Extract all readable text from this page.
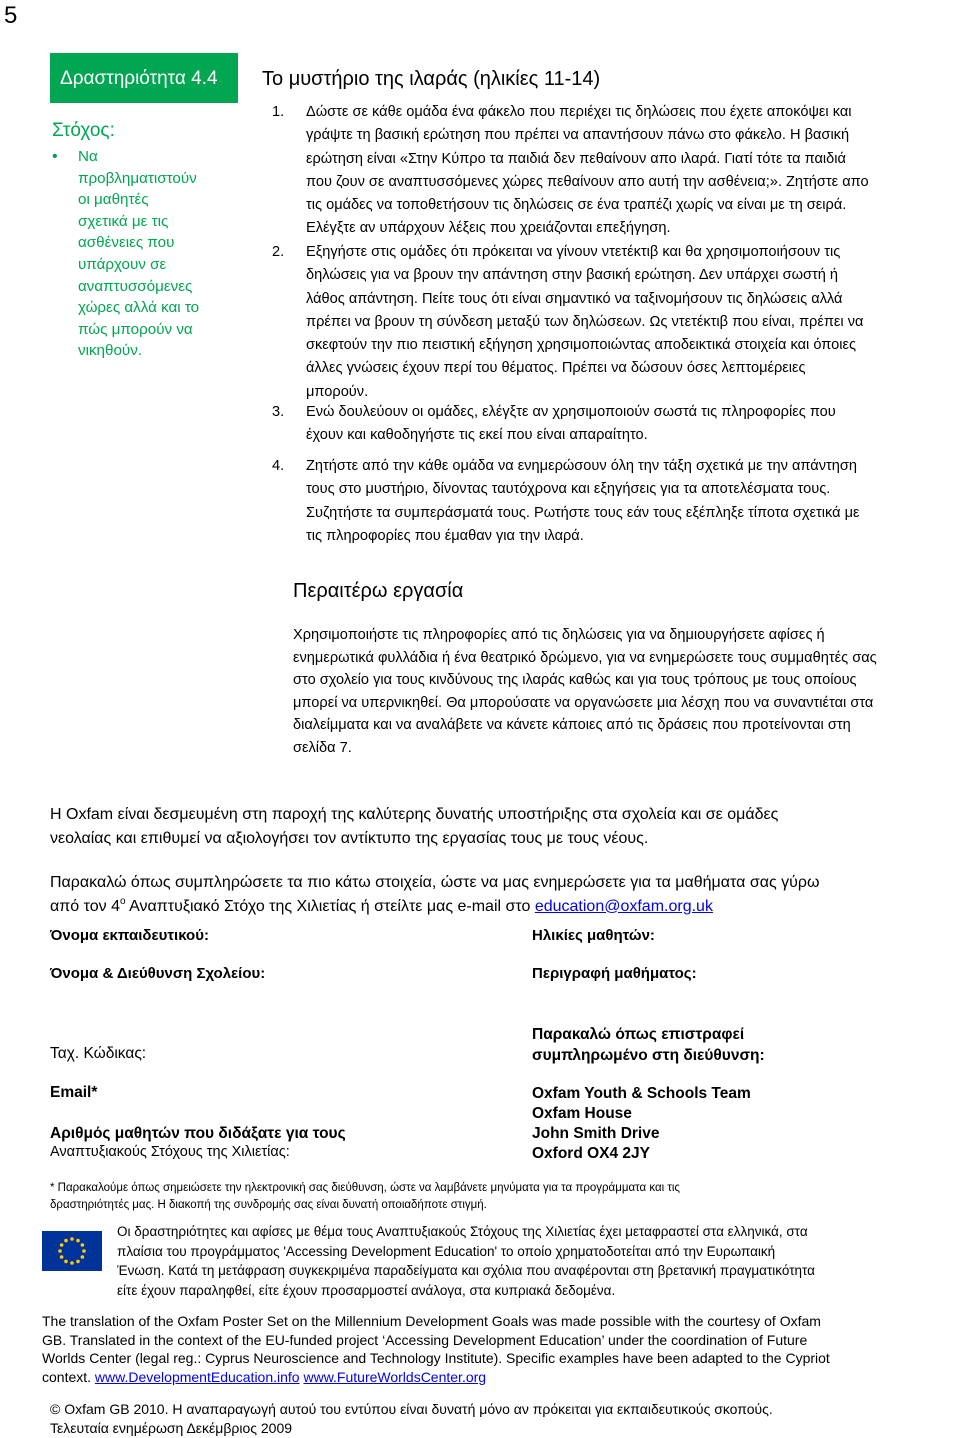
5
Δραστηριότητα 4.4
Στόχος:
• Να
προβληματιστούν
οι μαθητές
σχετικά με τις
ασθένειες που
υπάρχουν σε
αναπτυσσόμενες
χώρες αλλά και το
πώς μπορούν να
νικηθούν.
Το μυστήριο της ιλαράς (ηλικίες 11-14)
1.	Δώστε σε κάθε ομάδα ένα φάκελο που περιέχει τις δηλώσεις που έχετε αποκόψει και
γράψτε τη βασική ερώτηση που πρέπει να απαντήσουν πάνω στο φάκελο. Η βασική
ερώτηση είναι «Στην Κύπρο τα παιδιά δεν πεθαίνουν απο ιλαρά. Γιατί τότε τα παιδιά
που ζουν σε αναπτυσσόμενες χώρες πεθαίνουν απο αυτή την ασθένεια;». Ζητήστε απο
τις ομάδες να τοποθετήσουν τις δηλώσεις σε ένα τραπέζι χωρίς να είναι με τη σειρά.
Ελέγξτε αν υπάρχουν λέξεις που χρειάζονται επεξήγηση.
2.	Εξηγήστε στις ομάδες ότι πρόκειται να γίνουν ντετέκτιβ και θα χρησιμοποιήσουν τις
δηλώσεις για να βρουν την απάντηση στην βασική ερώτηση. Δεν υπάρχει σωστή ή
λάθος απάντηση. Πείτε τους ότι είναι σημαντικό να ταξινομήσουν τις δηλώσεις αλλά
πρέπει να βρουν τη σύνδεση μεταξύ των δηλώσεων. Ως ντετέκτιβ που είναι, πρέπει να
σκεφτούν την πιο πειστική εξήγηση χρησιμοποιώντας αποδεικτικά στοιχεία και όποιες
άλλες γνώσεις έχουν περί του θέματος. Πρέπει να δώσουν όσες λεπτομέρειες
μπορούν.
3.	Ενώ δουλεύουν οι ομάδες, ελέγξτε αν χρησιμοποιούν σωστά τις πληροφορίες που
έχουν και καθοδηγήστε τις εκεί που είναι απαραίτητο.
4.	Ζητήστε από την κάθε ομάδα να ενημερώσουν όλη την τάξη σχετικά με την απάντηση
τους στο μυστήριο, δίνοντας ταυτόχρονα και εξηγήσεις για τα αποτελέσματα τους.
Συζητήστε τα συμπεράσματά τους. Ρωτήστε τους εάν τους εξέπληξε τίποτα σχετικά με
τις πληροφορίες που έμαθαν για την ιλαρά.
Περαιτέρω εργασία
Χρησιμοποιήστε τις πληροφορίες από τις δηλώσεις για να δημιουργήσετε αφίσες ή
ενημερωτικά φυλλάδια ή ένα θεατρικό δρώμενο, για να ενημερώσετε τους συμμαθητές σας
στο σχολείο για τους κινδύνους της ιλαράς καθώς και για τους τρόπους με τους οποίους
μπορεί να υπερνικηθεί. Θα μπορούσατε να οργανώσετε μια λέσχη που να συναντιέται στα
διαλείμματα και να αναλάβετε να κάνετε κάποιες από τις δράσεις που προτείνονται στη
σελίδα 7.
Η Oxfam είναι δεσμευμένη στη παροχή της καλύτερης δυνατής υποστήριξης στα σχολεία και σε ομάδες
νεολαίας και επιθυμεί να αξιολογήσει τον αντίκτυπο της εργασίας τους με τους νέους.
Παρακαλώ όπως συμπληρώσετε τα πιο κάτω στοιχεία, ώστε να μας ενημερώσετε για τα μαθήματα σας γύρω
από τον $4^o$ Αναπτυξιακό Στόχο της Χιλιετίας ή στείλτε μας e-mail στο education@oxfam.org.uk
Όνομα εκπαιδευτικού:	Ηλικίες μαθητών:
Όνομα & Διεύθυνση Σχολείου:	Περιγραφή μαθήματος:
Ταχ. Κώδικας:
Παρακαλώ όπως επιστραφεί
συμπληρωμένο στη διεύθυνση:
Email*	Oxfam Youth & Schools Team
Oxfam House
John Smith Drive
Oxford OX4 2JY
Αριθμός μαθητών που διδάξατε για τους
Αναπτυξιακούς Στόχους της Χιλιετίας:
* Παρακαλούμε όπως σημειώσετε την ηλεκτρονική σας διεύθυνση, ώστε να λαμβάνετε μηνύματα για τα προγράμματα και τις
δραστηριότητές μας. Η διακοπή της συνδρομής σας είναι δυνατή οποιαδήποτε στιγμή.
Οι δραστηριότητες και αφίσες με θέμα τους Αναπτυξιακούς Στόχους της Χιλιετίας έχει μεταφραστεί στα ελληνικά, στα
πλαίσια του προγράμματος 'Accessing Development Education' το οποίο χρηματοδοτείται από την Ευρωπαική
Ένωση. Κατά τη μετάφραση συγκεκριμένα παραδείγματα και σχόλια που αναφέρονται στη βρετανική πραγματικότητα
είτε έχουν παραληφθεί, είτε έχουν προσαρμοστεί ανάλογα, στα κυπριακά δεδομένα.
The translation of the Oxfam Poster Set on the Millennium Development Goals was made possible with the courtesy of Oxfam
GB. Translated in the context of the EU-funded project ‘Accessing Development Education’ under the coordination of Future
Worlds Center (legal reg.: Cyprus Neuroscience and Technology Institute). Specific examples have been adapted to the Cypriot
context. www.DevelopmentEducation.info www.FutureWorldsCenter.org
© Oxfam GB 2010. Η αναπαραγωγή αυτού του εντύπου είναι δυνατή μόνο αν πρόκειται για εκπαιδευτικούς σκοπούς.
Τελευταία ενημέρωση Δεκέμβριος 2009
